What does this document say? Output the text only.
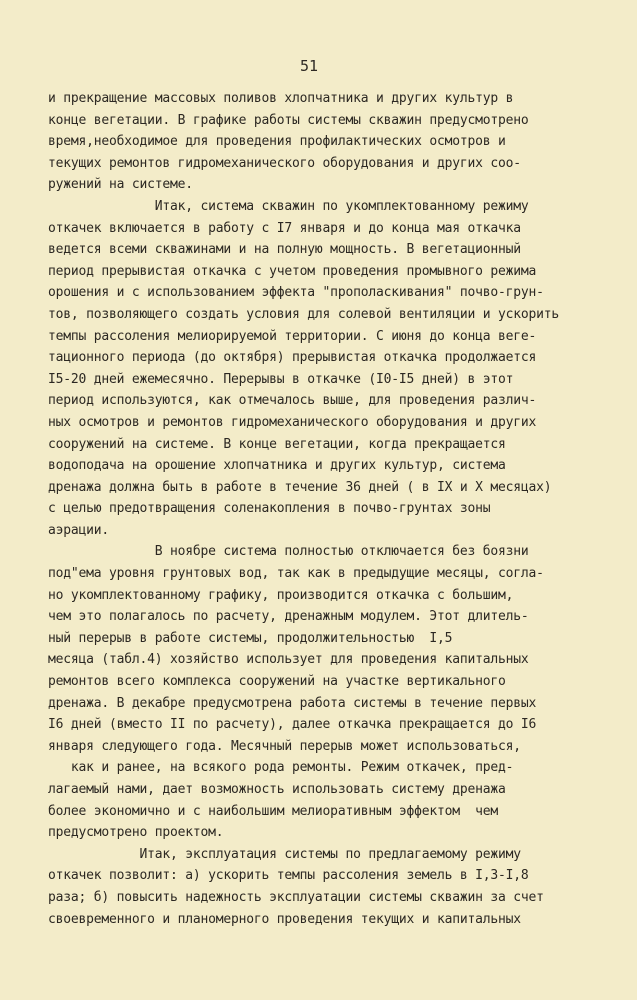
51
и прекращение массовых поливов хлопчатника и других культур в
конце вегетации. В графике работы системы скважин предусмотрено
время,необходимое для проведения профилактических осмотров и
текущих ремонтов гидромеханического оборудования и других соо-
ружений на системе.
Итак, система скважин по укомплектованному режиму
откачек включается в работу с I7 января и до конца мая откачка
ведется всеми скважинами и на полную мощность. В вегетационный
период прерывистая откачка с учетом проведения промывного режима
орошения и с использованием эффекта "прополаскивания" почво-грун-
тов, позволяющего создать условия для солевой вентиляции и ускорить
темпы рассоления мелиорируемой территории. С июня до конца веге-
тационного периода (до октября) прерывистая откачка продолжается
I5-20 дней ежемесячно. Перерывы в откачке (I0-I5 дней) в этот
период используются, как отмечалось выше, для проведения различ-
ных осмотров и ремонтов гидромеханического оборудования и других
сооружений на системе. В конце вегетации, когда прекращается
водоподача на орошение хлопчатника и других культур, система
дренажа должна быть в работе в течение 36 дней ( в IX и X месяцах)
с целью предотвращения соленакопления в почво-грунтах зоны
аэрации.
В ноябре система полностью отключается без боязни
под"ема уровня грунтовых вод, так как в предыдущие месяцы, согла-
но укомплектованному графику, производится откачка с большим,
чем это полагалось по расчету, дренажным модулем. Этот длитель-
ный перерыв в работе системы, продолжительностью  I,5
месяца (табл.4) хозяйство использует для проведения капитальных
ремонтов всего комплекса сооружений на участке вертикального
дренажа. В декабре предусмотрена работа системы в течение первых
I6 дней (вместо II по расчету), далее откачка прекращается до I6
января следующего года. Месячный перерыв может использоваться,
как и ранее, на всякого рода ремонты. Режим откачек, пред-
лагаемый нами, дает возможность использовать систему дренажа
более экономично и с наибольшим мелиоративным эффектом  чем
предусмотрено проектом.
Итак, эксплуатация системы по предлагаемому режиму
откачек позволит: а) ускорить темпы рассоления земель в I,3-I,8
раза; б) повысить надежность эксплуатации системы скважин за счет
своевременного и планомерного проведения текущих и капитальных
